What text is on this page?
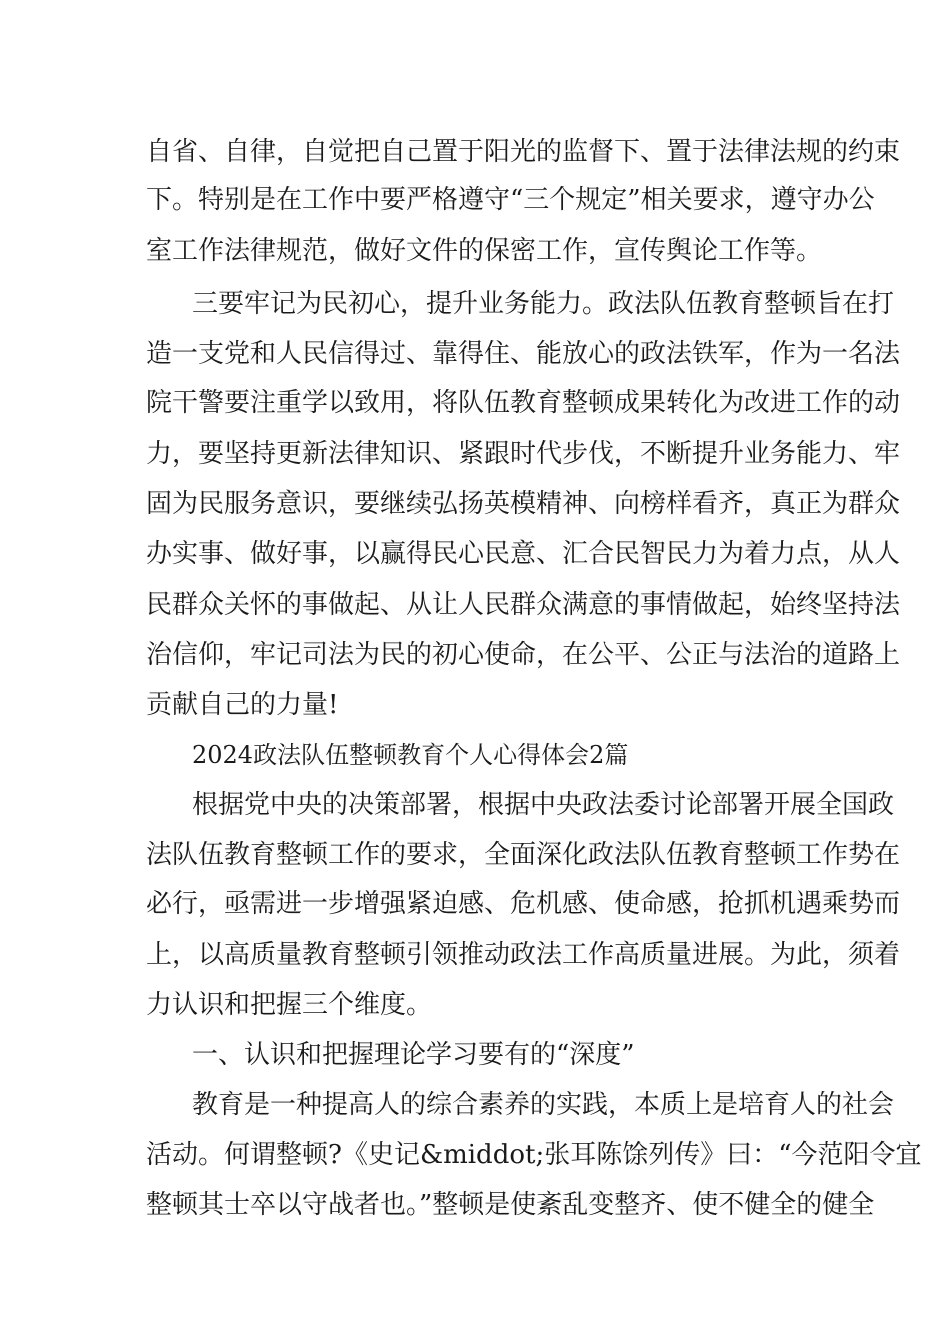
自省、自律，自觉把自己置于阳光的监督下、置于法律法规的约束
下。特别是在工作中要严格遵守“三个规定”相关要求，遵守办公
室工作法律规范，做好文件的保密工作，宣传舆论工作等。
三要牢记为民初心，提升业务能力。政法队伍教育整顿旨在打
造一支党和人民信得过、靠得住、能放心的政法铁军，作为一名法
院干警要注重学以致用，将队伍教育整顿成果转化为改进工作的动
力，要坚持更新法律知识、紧跟时代步伐，不断提升业务能力、牢
固为民服务意识，要继续弘扬英模精神、向榜样看齐，真正为群众
办实事、做好事，以赢得民心民意、汇合民智民力为着力点，从人
民群众关怀的事做起、从让人民群众满意的事情做起，始终坚持法
治信仰，牢记司法为民的初心使命，在公平、公正与法治的道路上
贡献自己的力量!
2024政法队伍整顿教育个人心得体会2篇
根据党中央的决策部署，根据中央政法委讨论部署开展全国政
法队伍教育整顿工作的要求，全面深化政法队伍教育整顿工作势在
必行，亟需进一步增强紧迫感、危机感、使命感，抢抓机遇乘势而
上，以高质量教育整顿引领推动政法工作高质量进展。为此，须着
力认识和把握三个维度。
一、认识和把握理论学习要有的“深度”
教育是一种提高人的综合素养的实践，本质上是培育人的社会
活动。何谓整顿?《史记&middot;张耳陈馀列传》曰：“今范阳令宜
整顿其士卒以守战者也。”整顿是使紊乱变整齐、使不健全的健全
